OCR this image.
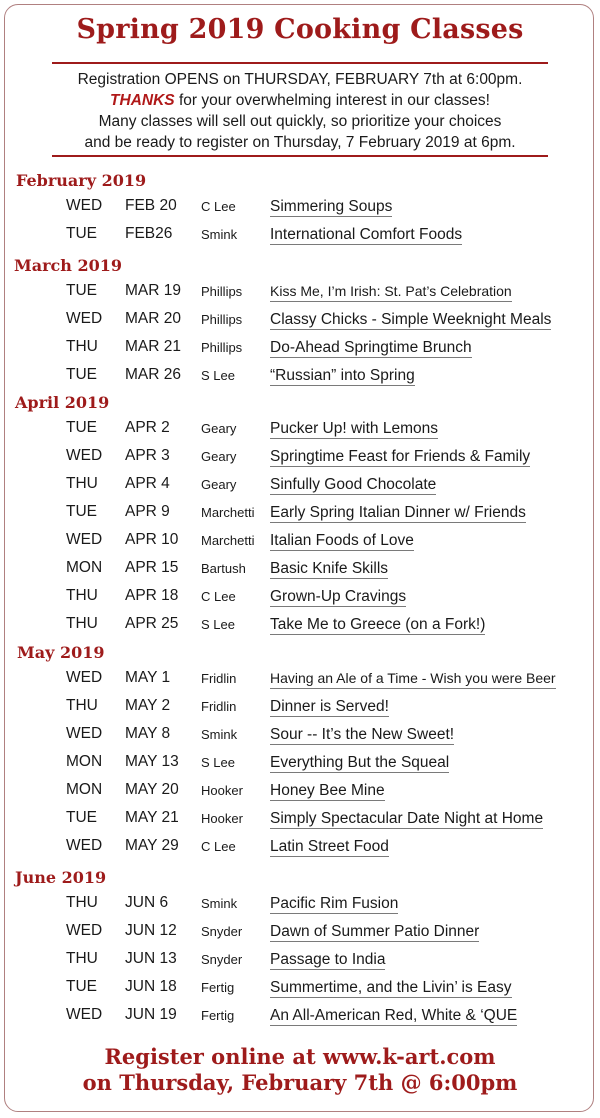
Spring 2019 Cooking Classes
Registration OPENS on THURSDAY, FEBRUARY 7th at 6:00pm.
THANKS for your overwhelming interest in our classes!
Many classes will sell out quickly, so prioritize your choices
and be ready to register on Thursday, 7 February 2019 at 6pm.
February 2019
WED FEB 20 C Lee Simmering Soups
TUE FEB26 Smink International Comfort Foods
March 2019
TUE MAR 19 Phillips Kiss Me, I’m Irish: St. Pat’s Celebration
WED MAR 20 Phillips Classy Chicks - Simple Weeknight Meals
THU MAR 21 Phillips Do-Ahead Springtime Brunch
TUE MAR 26 S Lee “Russian” into Spring
April 2019
TUE APR 2 Geary Pucker Up! with Lemons
WED APR 3 Geary Springtime Feast for Friends & Family
THU APR 4 Geary Sinfully Good Chocolate
TUE APR 9 Marchetti Early Spring Italian Dinner w/ Friends
WED APR 10 Marchetti Italian Foods of Love
MON APR 15 Bartush Basic Knife Skills
THU APR 18 C Lee Grown-Up Cravings
THU APR 25 S Lee Take Me to Greece (on a Fork!)
May 2019
WED MAY 1 Fridlin Having an Ale of a Time - Wish you were Beer
THU MAY 2 Fridlin Dinner is Served!
WED MAY 8 Smink Sour -- It’s the New Sweet!
MON MAY 13 S Lee Everything But the Squeal
MON MAY 20 Hooker Honey Bee Mine
TUE MAY 21 Hooker Simply Spectacular Date Night at Home
WED MAY 29 C Lee Latin Street Food
June 2019
THU JUN 6	Smink Pacific Rim Fusion
WED JUN 12 Snyder Dawn of Summer Patio Dinner
THU JUN 13 Snyder Passage to India
TUE JUN 18 Fertig Summertime, and the Livin’ is Easy
WED JUN 19 Fertig An All-American Red, White & ‘QUE
Register online at www.k-art.com
on Thursday, February 7th @ 6:00pm
